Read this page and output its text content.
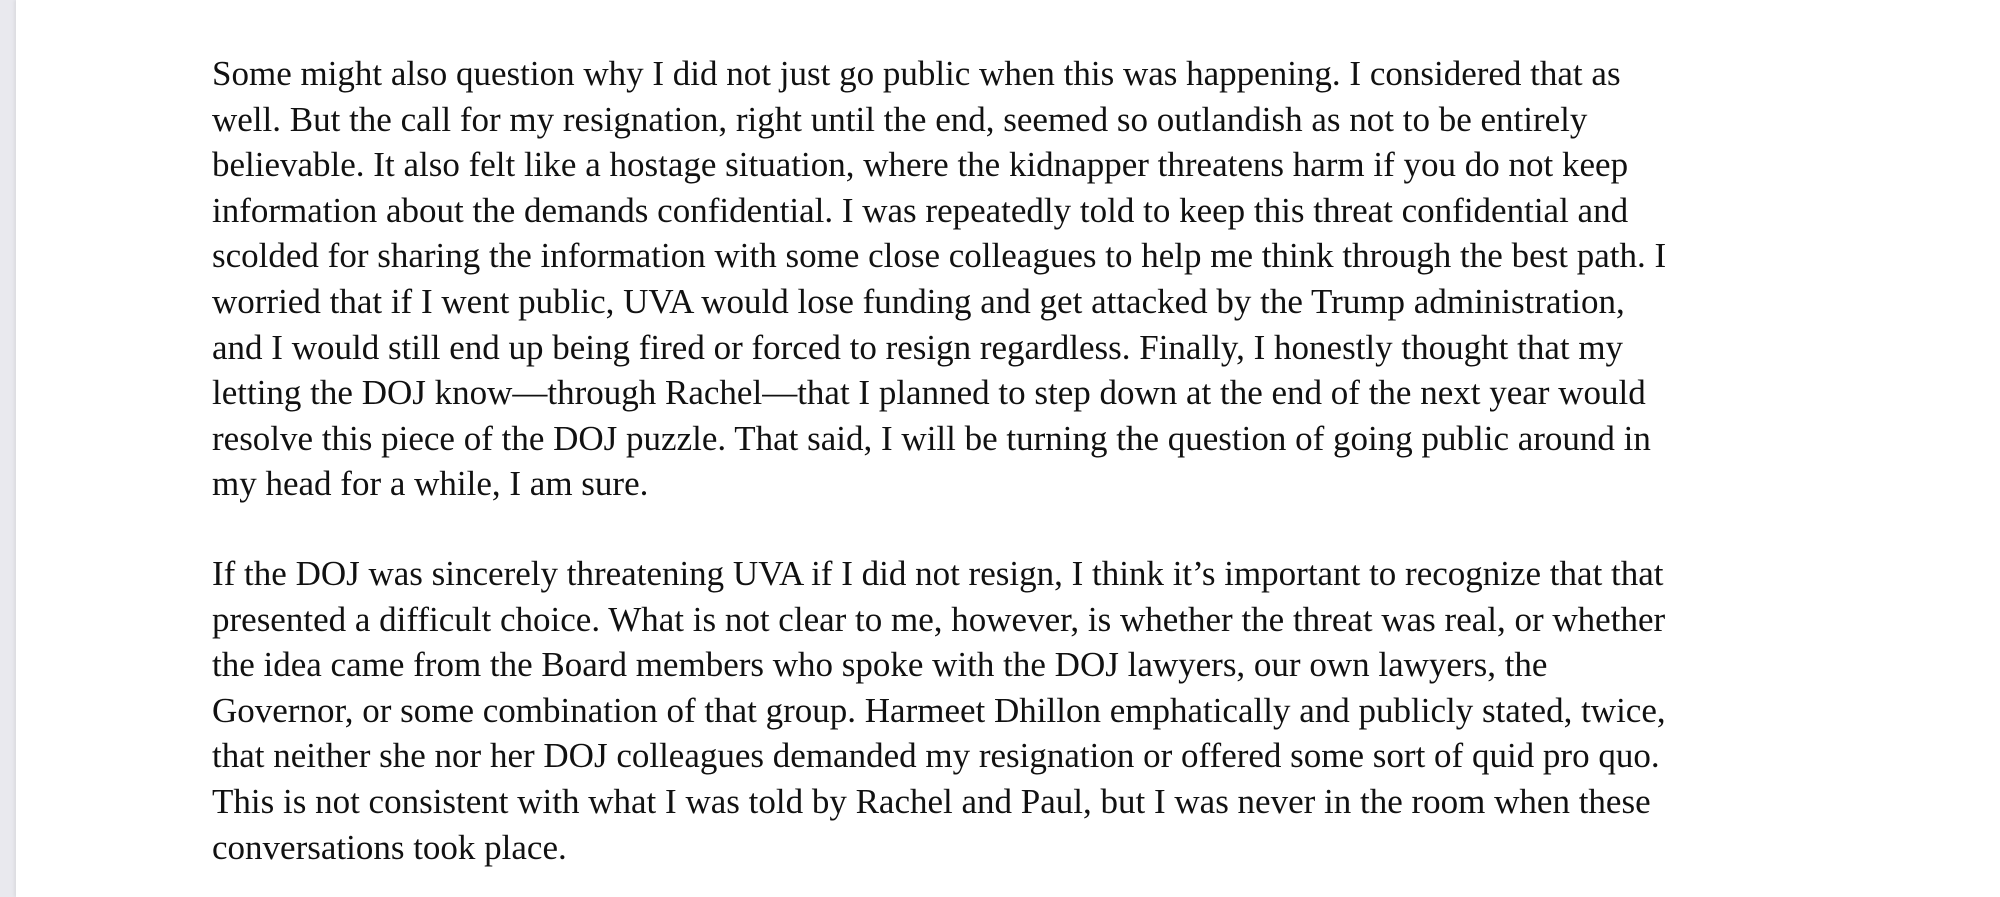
Some might also question why I did not just go public when this was happening. I considered that as
well. But the call for my resignation, right until the end, seemed so outlandish as not to be entirely
believable. It also felt like a hostage situation, where the kidnapper threatens harm if you do not keep
information about the demands confidential. I was repeatedly told to keep this threat confidential and
scolded for sharing the information with some close colleagues to help me think through the best path. I
worried that if I went public, UVA would lose funding and get attacked by the Trump administration,
and I would still end up being fired or forced to resign regardless. Finally, I honestly thought that my
letting the DOJ know—through Rachel—that I planned to step down at the end of the next year would
resolve this piece of the DOJ puzzle. That said, I will be turning the question of going public around in
my head for a while, I am sure.

If the DOJ was sincerely threatening UVA if I did not resign, I think it’s important to recognize that that
presented a difficult choice. What is not clear to me, however, is whether the threat was real, or whether
the idea came from the Board members who spoke with the DOJ lawyers, our own lawyers, the
Governor, or some combination of that group. Harmeet Dhillon emphatically and publicly stated, twice,
that neither she nor her DOJ colleagues demanded my resignation or offered some sort of quid pro quo.
This is not consistent with what I was told by Rachel and Paul, but I was never in the room when these
conversations took place.
